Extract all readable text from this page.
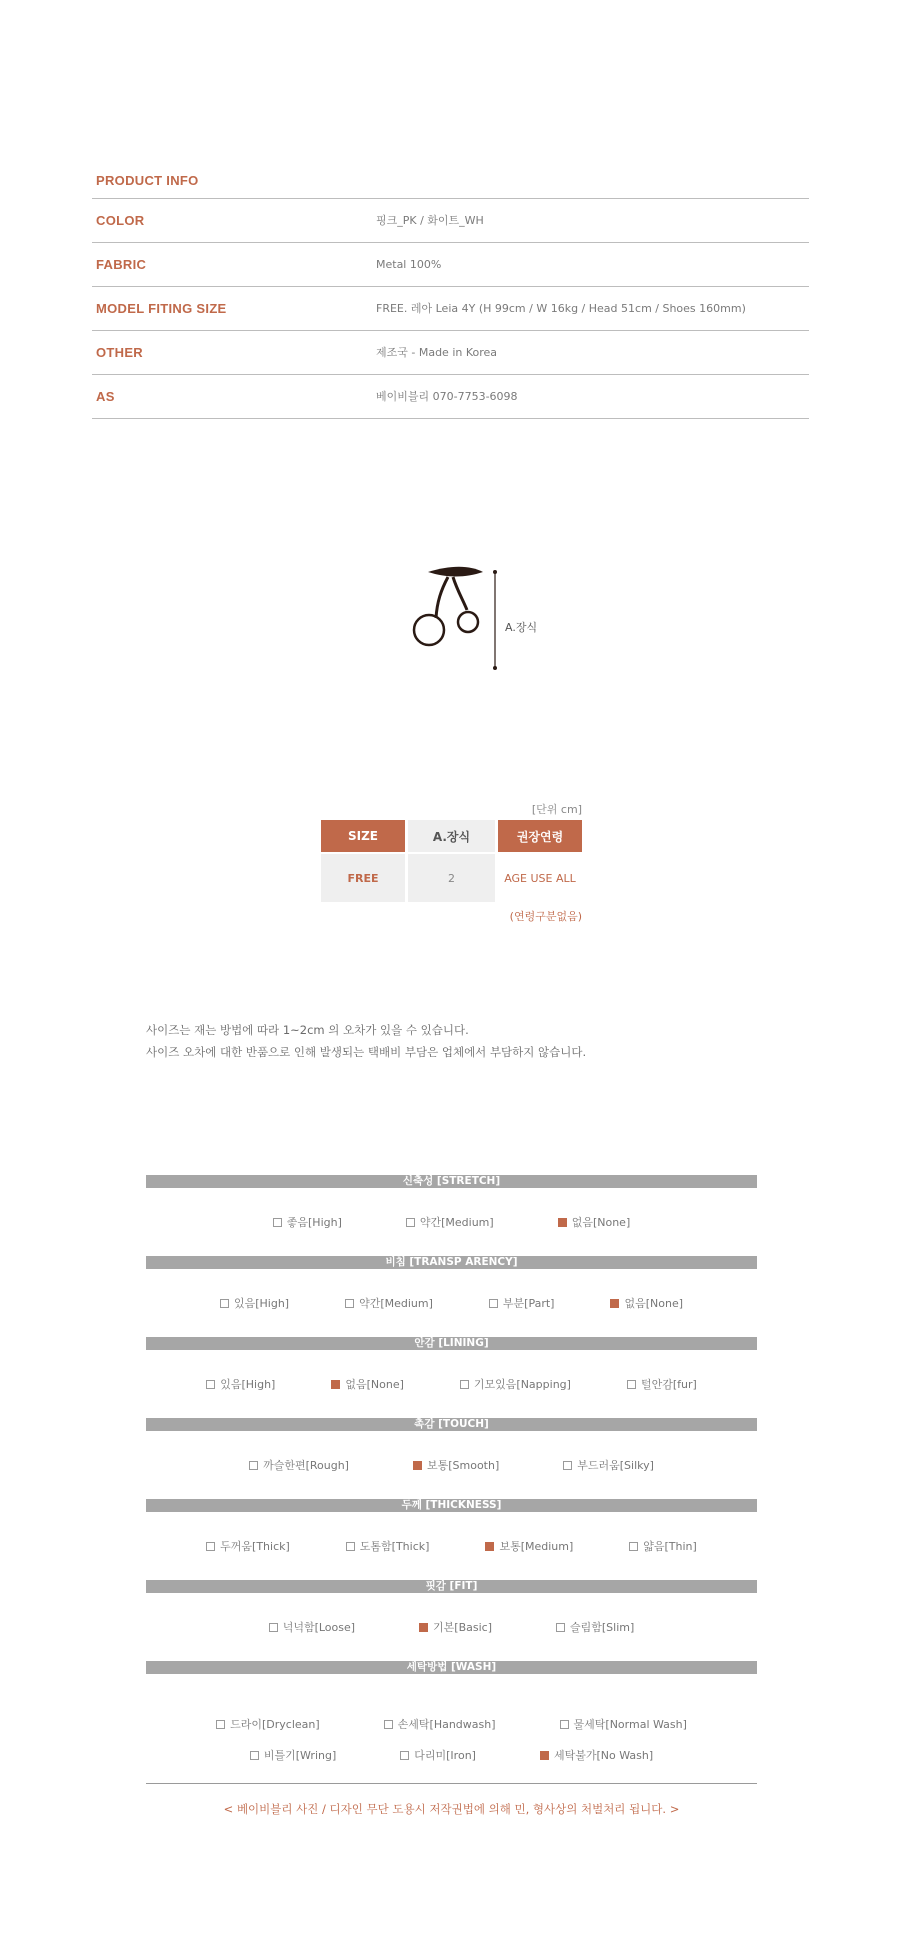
PRODUCT INFO
COLOR	핑크_PK / 화이트_WH
FABRIC	Metal 100%
MODEL FITING SIZE	FREE. 레아 Leia 4Y (H 99cm / W 16kg / Head 51cm / Shoes 160mm)
OTHER	제조국 - Made in Korea
AS	베이비블리 070-7753-6098
A.장식
[단위 cm]
SIZE	A.장식	권장연령
FREE	2	AGE USE ALL
(연령구분없음)
사이즈는 재는 방법에 따라 1~2cm 의 오차가 있을 수 있습니다.
사이즈 오차에 대한 반품으로 인해 발생되는 택배비 부담은 업체에서 부담하지 않습니다.
신축성 [STRETCH]
좋음[High]	약간[Medium]	없음[None]
비침 [TRANSP ARENCY]
있음[High]	약간[Medium]	부분[Part]	없음[None]
안감 [LINING]
있음[High]	없음[None]	기모있음[Napping]	털안감[fur]
촉감 [TOUCH]
까슬한편[Rough]	보통[Smooth]	부드러움[Silky]
두께 [THICKNESS]
두꺼움[Thick]	도톰함[Thick]	보통[Medium]	얇음[Thin]
핏감 [FIT]
넉넉함[Loose]	기본[Basic]	슬림함[Slim]
세탁방법 [WASH]
드라이[Dryclean]	손세탁[Handwash]	물세탁[Normal Wash]
비틀기[Wring]	다리미[Iron]	세탁불가[No Wash]
< 베이비블리 사진 / 디자인 무단 도용시 저작권법에 의해 민, 형사상의 처벌처리 됩니다. >
